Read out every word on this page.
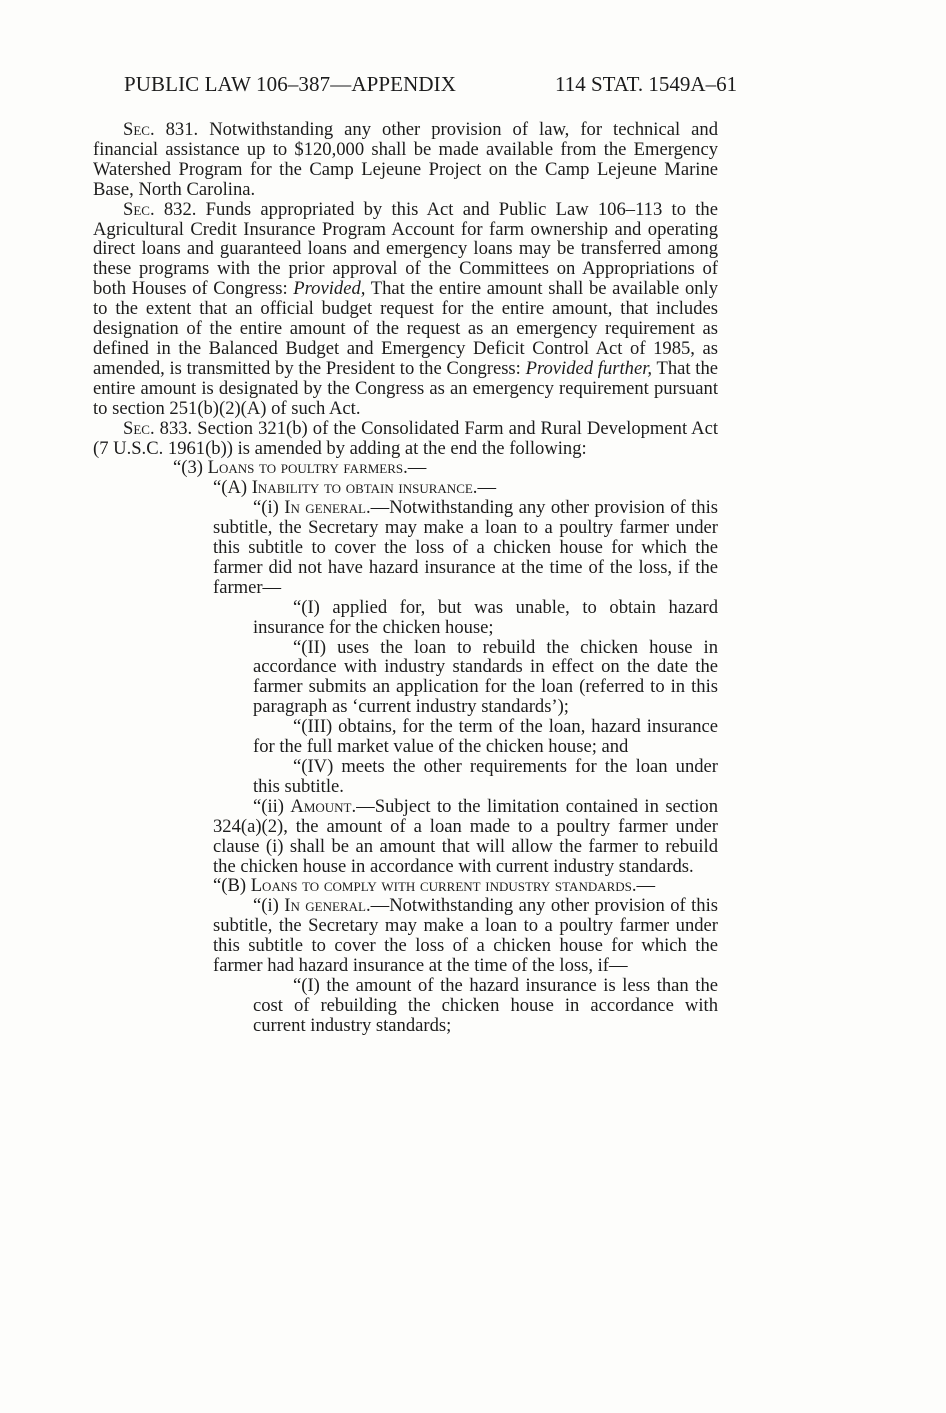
PUBLIC LAW 106–387—APPENDIX	114 STAT. 1549A–61

Sec. 831. Notwithstanding any other provision of law, for technical and financial assistance up to $120,000 shall be made available from the Emergency Watershed Program for the Camp Lejeune Project on the Camp Lejeune Marine Base, North Carolina.

Sec. 832. Funds appropriated by this Act and Public Law 106–113 to the Agricultural Credit Insurance Program Account for farm ownership and operating direct loans and guaranteed loans and emergency loans may be transferred among these programs with the prior approval of the Committees on Appropriations of both Houses of Congress: Provided, That the entire amount shall be available only to the extent that an official budget request for the entire amount, that includes designation of the entire amount of the request as an emergency requirement as defined in the Balanced Budget and Emergency Deficit Control Act of 1985, as amended, is transmitted by the President to the Congress: Provided further, That the entire amount is designated by the Congress as an emergency requirement pursuant to section 251(b)(2)(A) of such Act.

Sec. 833. Section 321(b) of the Consolidated Farm and Rural Development Act (7 U.S.C. 1961(b)) is amended by adding at the end the following:

“(3) Loans to poultry farmers.—

“(A) Inability to obtain insurance.—

“(i) In general.—Notwithstanding any other provision of this subtitle, the Secretary may make a loan to a poultry farmer under this subtitle to cover the loss of a chicken house for which the farmer did not have hazard insurance at the time of the loss, if the farmer—

“(I) applied for, but was unable, to obtain hazard insurance for the chicken house;

“(II) uses the loan to rebuild the chicken house in accordance with industry standards in effect on the date the farmer submits an application for the loan (referred to in this paragraph as ‘current industry standards’);

“(III) obtains, for the term of the loan, hazard insurance for the full market value of the chicken house; and

“(IV) meets the other requirements for the loan under this subtitle.

“(ii) Amount.—Subject to the limitation contained in section 324(a)(2), the amount of a loan made to a poultry farmer under clause (i) shall be an amount that will allow the farmer to rebuild the chicken house in accordance with current industry standards.

“(B) Loans to comply with current industry standards.—

“(i) In general.—Notwithstanding any other provision of this subtitle, the Secretary may make a loan to a poultry farmer under this subtitle to cover the loss of a chicken house for which the farmer had hazard insurance at the time of the loss, if—

“(I) the amount of the hazard insurance is less than the cost of rebuilding the chicken house in accordance with current industry standards;
